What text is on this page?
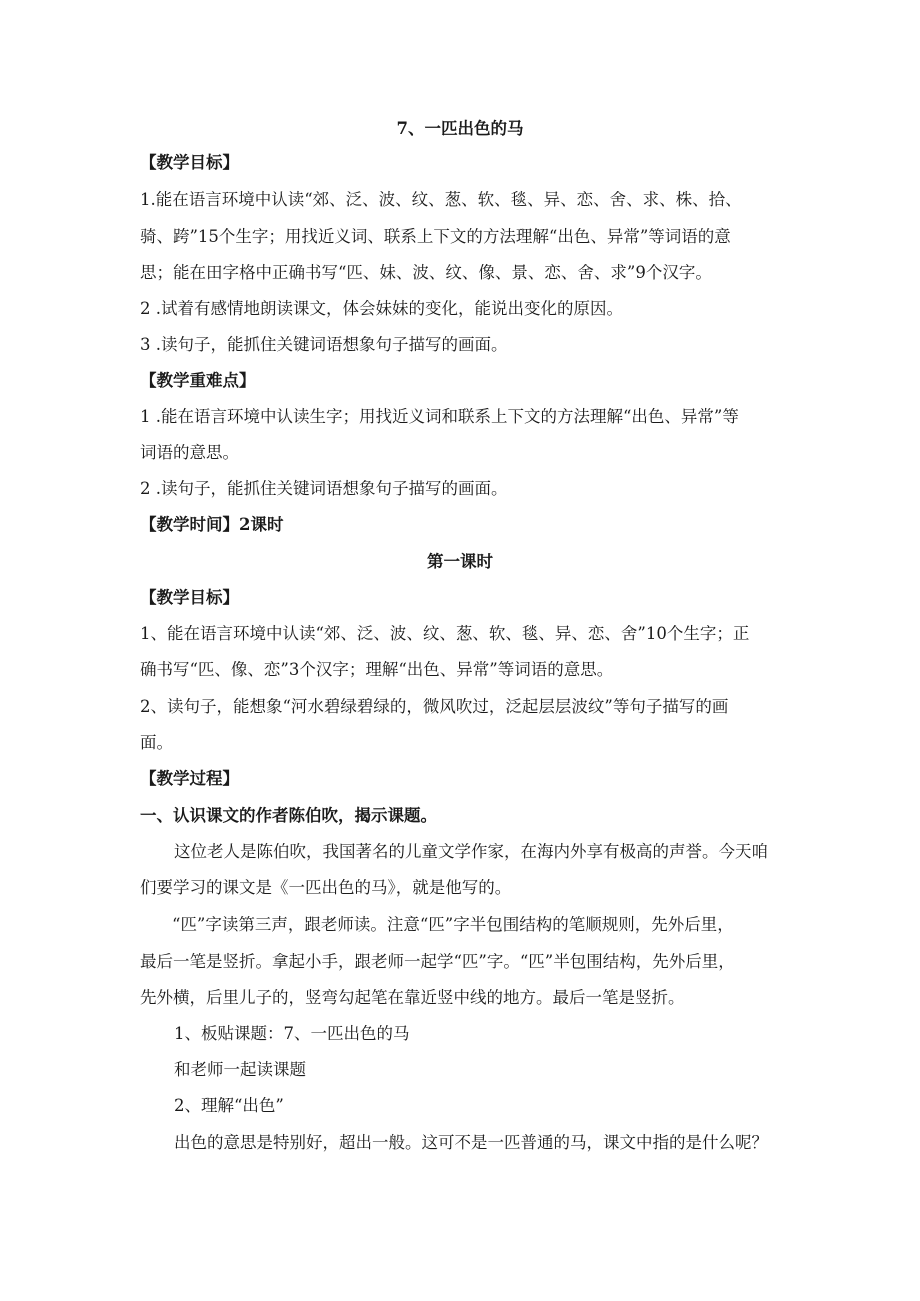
7、一匹出色的马
【教学目标】
1.能在语言环境中认读“郊、泛、波、纹、葱、软、毯、异、恋、舍、求、株、拾、
骑、跨”15个生字；用找近义词、联系上下文的方法理解“出色、异常”等词语的意
思；能在田字格中正确书写“匹、妹、波、纹、像、景、恋、舍、求”9个汉字。
2 .试着有感情地朗读课文，体会妹妹的变化，能说出变化的原因。
3 .读句子，能抓住关键词语想象句子描写的画面。
【教学重难点】
1 .能在语言环境中认读生字；用找近义词和联系上下文的方法理解“出色、异常”等
词语的意思。
2 .读句子，能抓住关键词语想象句子描写的画面。
【教学时间】2课时
第一课时
【教学目标】
1、能在语言环境中认读“郊、泛、波、纹、葱、软、毯、异、恋、舍”10个生字；正
确书写“匹、像、恋”3个汉字；理解“出色、异常”等词语的意思。
2、读句子，能想象“河水碧绿碧绿的，微风吹过，泛起层层波纹”等句子描写的画
面。
【教学过程】
一、认识课文的作者陈伯吹，揭示课题。
这位老人是陈伯吹，我国著名的儿童文学作家，在海内外享有极高的声誉。今天咱
们要学习的课文是《一匹出色的马》，就是他写的。
“匹”字读第三声，跟老师读。注意“匹”字半包围结构的笔顺规则，先外后里，
最后一笔是竖折。拿起小手，跟老师一起学“匹”字。“匹”半包围结构，先外后里，
先外横，后里儿子的，竖弯勾起笔在靠近竖中线的地方。最后一笔是竖折。
1、板贴课题：7、一匹出色的马
和老师一起读课题
2、理解“出色”
出色的意思是特别好，超出一般。这可不是一匹普通的马，课文中指的是什么呢？
